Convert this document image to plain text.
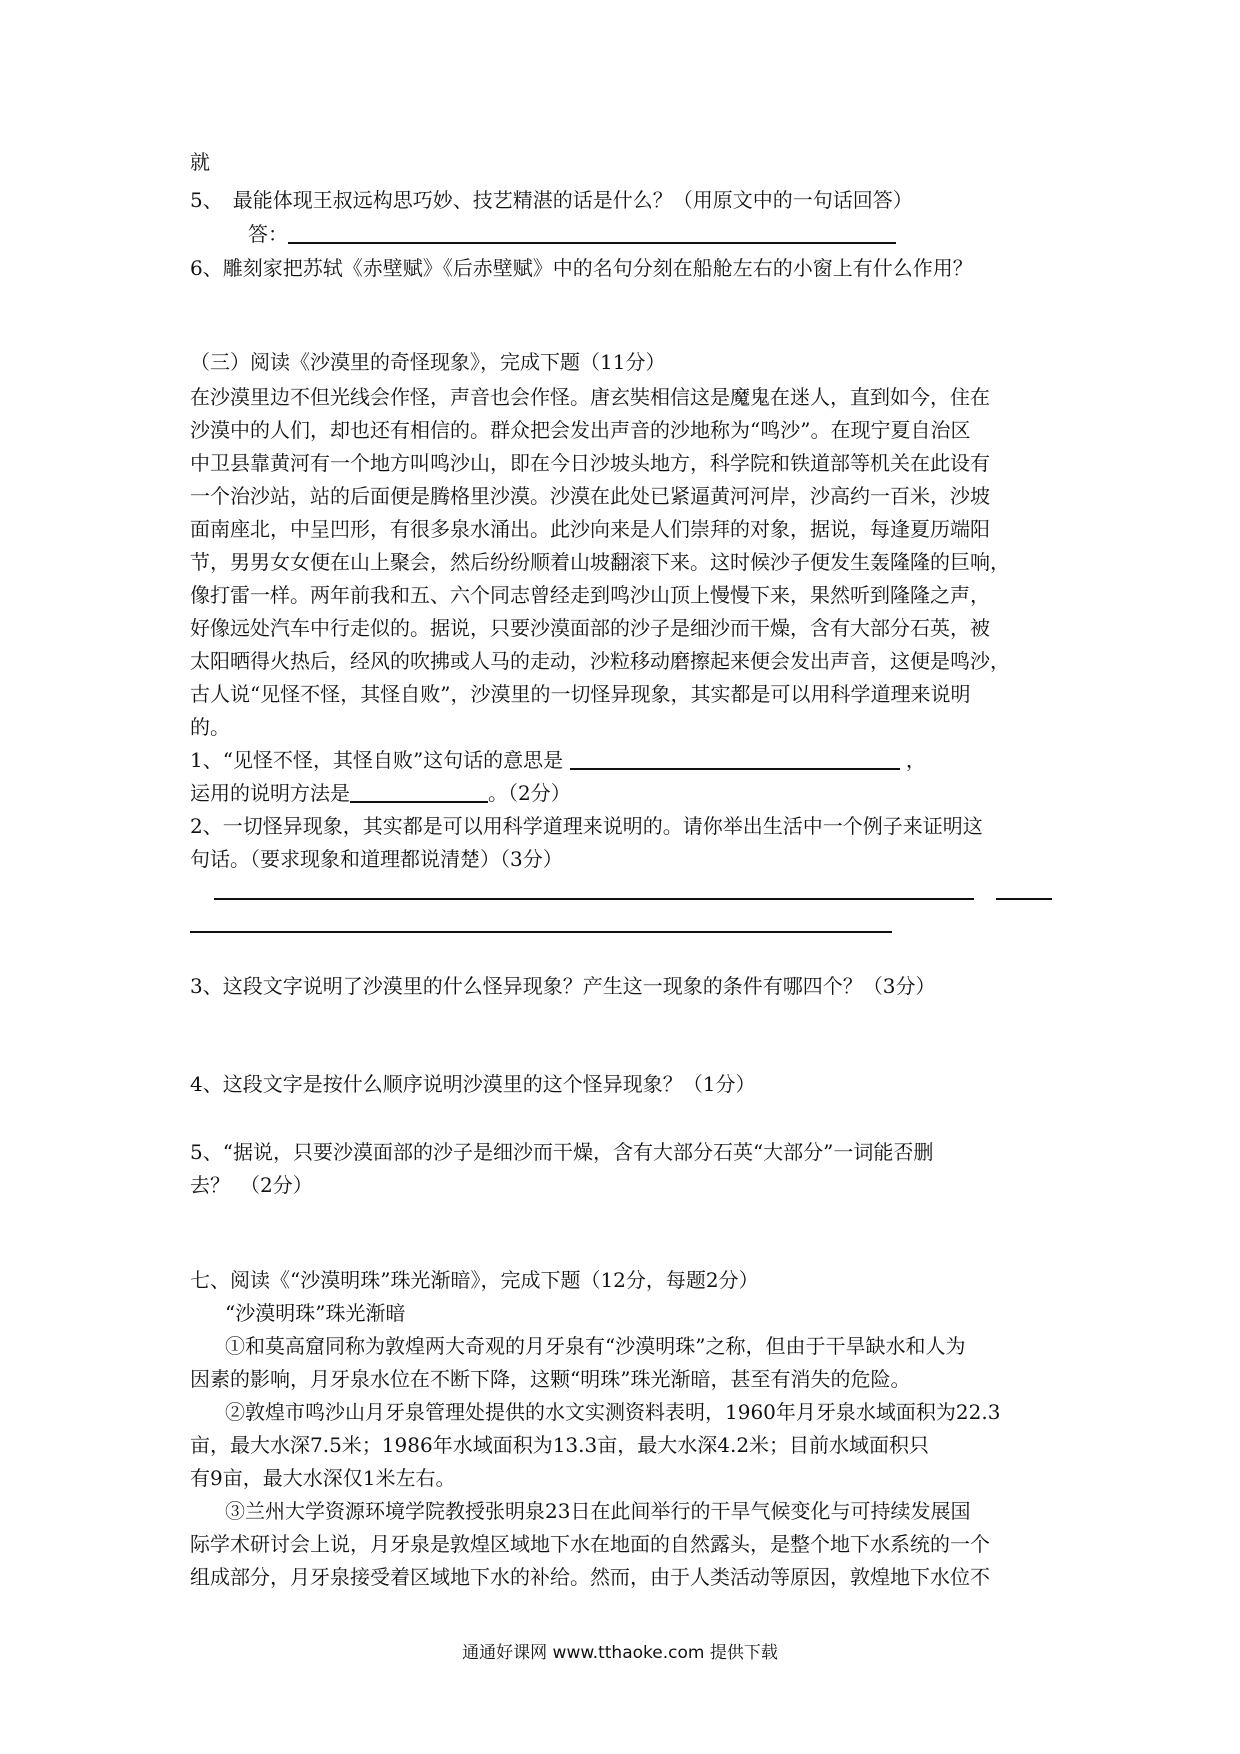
就
5、　最能体现王叔远构思巧妙、技艺精湛的话是什么？（用原文中的一句话回答）
答：
6、雕刻家把苏轼《赤壁赋》《后赤壁赋》中的名句分刻在船舱左右的小窗上有什么作用？
（三）阅读《沙漠里的奇怪现象》，完成下题（11分）
在沙漠里边不但光线会作怪，声音也会作怪。唐玄奘相信这是魔鬼在迷人，直到如今，住在
沙漠中的人们，却也还有相信的。群众把会发出声音的沙地称为“鸣沙”。在现宁夏自治区
中卫县靠黄河有一个地方叫鸣沙山，即在今日沙坡头地方，科学院和铁道部等机关在此设有
一个治沙站，站的后面便是腾格里沙漠。沙漠在此处已紧逼黄河河岸，沙高约一百米，沙坡
面南座北，中呈凹形，有很多泉水涌出。此沙向来是人们崇拜的对象，据说，每逢夏历端阳
节，男男女女便在山上聚会，然后纷纷顺着山坡翻滚下来。这时候沙子便发生轰隆隆的巨响，
像打雷一样。两年前我和五、六个同志曾经走到鸣沙山顶上慢慢下来，果然听到隆隆之声，
好像远处汽车中行走似的。据说，只要沙漠面部的沙子是细沙而干燥，含有大部分石英，被
太阳晒得火热后，经风的吹拂或人马的走动，沙粒移动磨擦起来便会发出声音，这便是鸣沙，
古人说“见怪不怪，其怪自败”，沙漠里的一切怪异现象，其实都是可以用科学道理来说明
的。
1、“见怪不怪，其怪自败”这句话的意思是	，
运用的说明方法是	。（2分）
2、一切怪异现象，其实都是可以用科学道理来说明的。请你举出生活中一个例子来证明这
句话。（要求现象和道理都说清楚）（3分）
3、这段文字说明了沙漠里的什么怪异现象？产生这一现象的条件有哪四个？（3分）
4、这段文字是按什么顺序说明沙漠里的这个怪异现象？（1分）
5、“据说，只要沙漠面部的沙子是细沙而干燥，含有大部分石英“大部分”一词能否删
去？　（2分）
七、阅读《“沙漠明珠”珠光渐暗》，完成下题（12分，每题2分）
“沙漠明珠”珠光渐暗
①和莫高窟同称为敦煌两大奇观的月牙泉有“沙漠明珠”之称，但由于干旱缺水和人为
因素的影响，月牙泉水位在不断下降，这颗“明珠”珠光渐暗，甚至有消失的危险。
②敦煌市鸣沙山月牙泉管理处提供的水文实测资料表明，1960年月牙泉水域面积为22.3
亩，最大水深7.5米；1986年水域面积为13.3亩，最大水深4.2米；目前水域面积只
有9亩，最大水深仅1米左右。
③兰州大学资源环境学院教授张明泉23日在此间举行的干旱气候变化与可持续发展国
际学术研讨会上说，月牙泉是敦煌区域地下水在地面的自然露头，是整个地下水系统的一个
组成部分，月牙泉接受着区域地下水的补给。然而，由于人类活动等原因，敦煌地下水位不
通通好课网 www.tthaoke.com 提供下载
